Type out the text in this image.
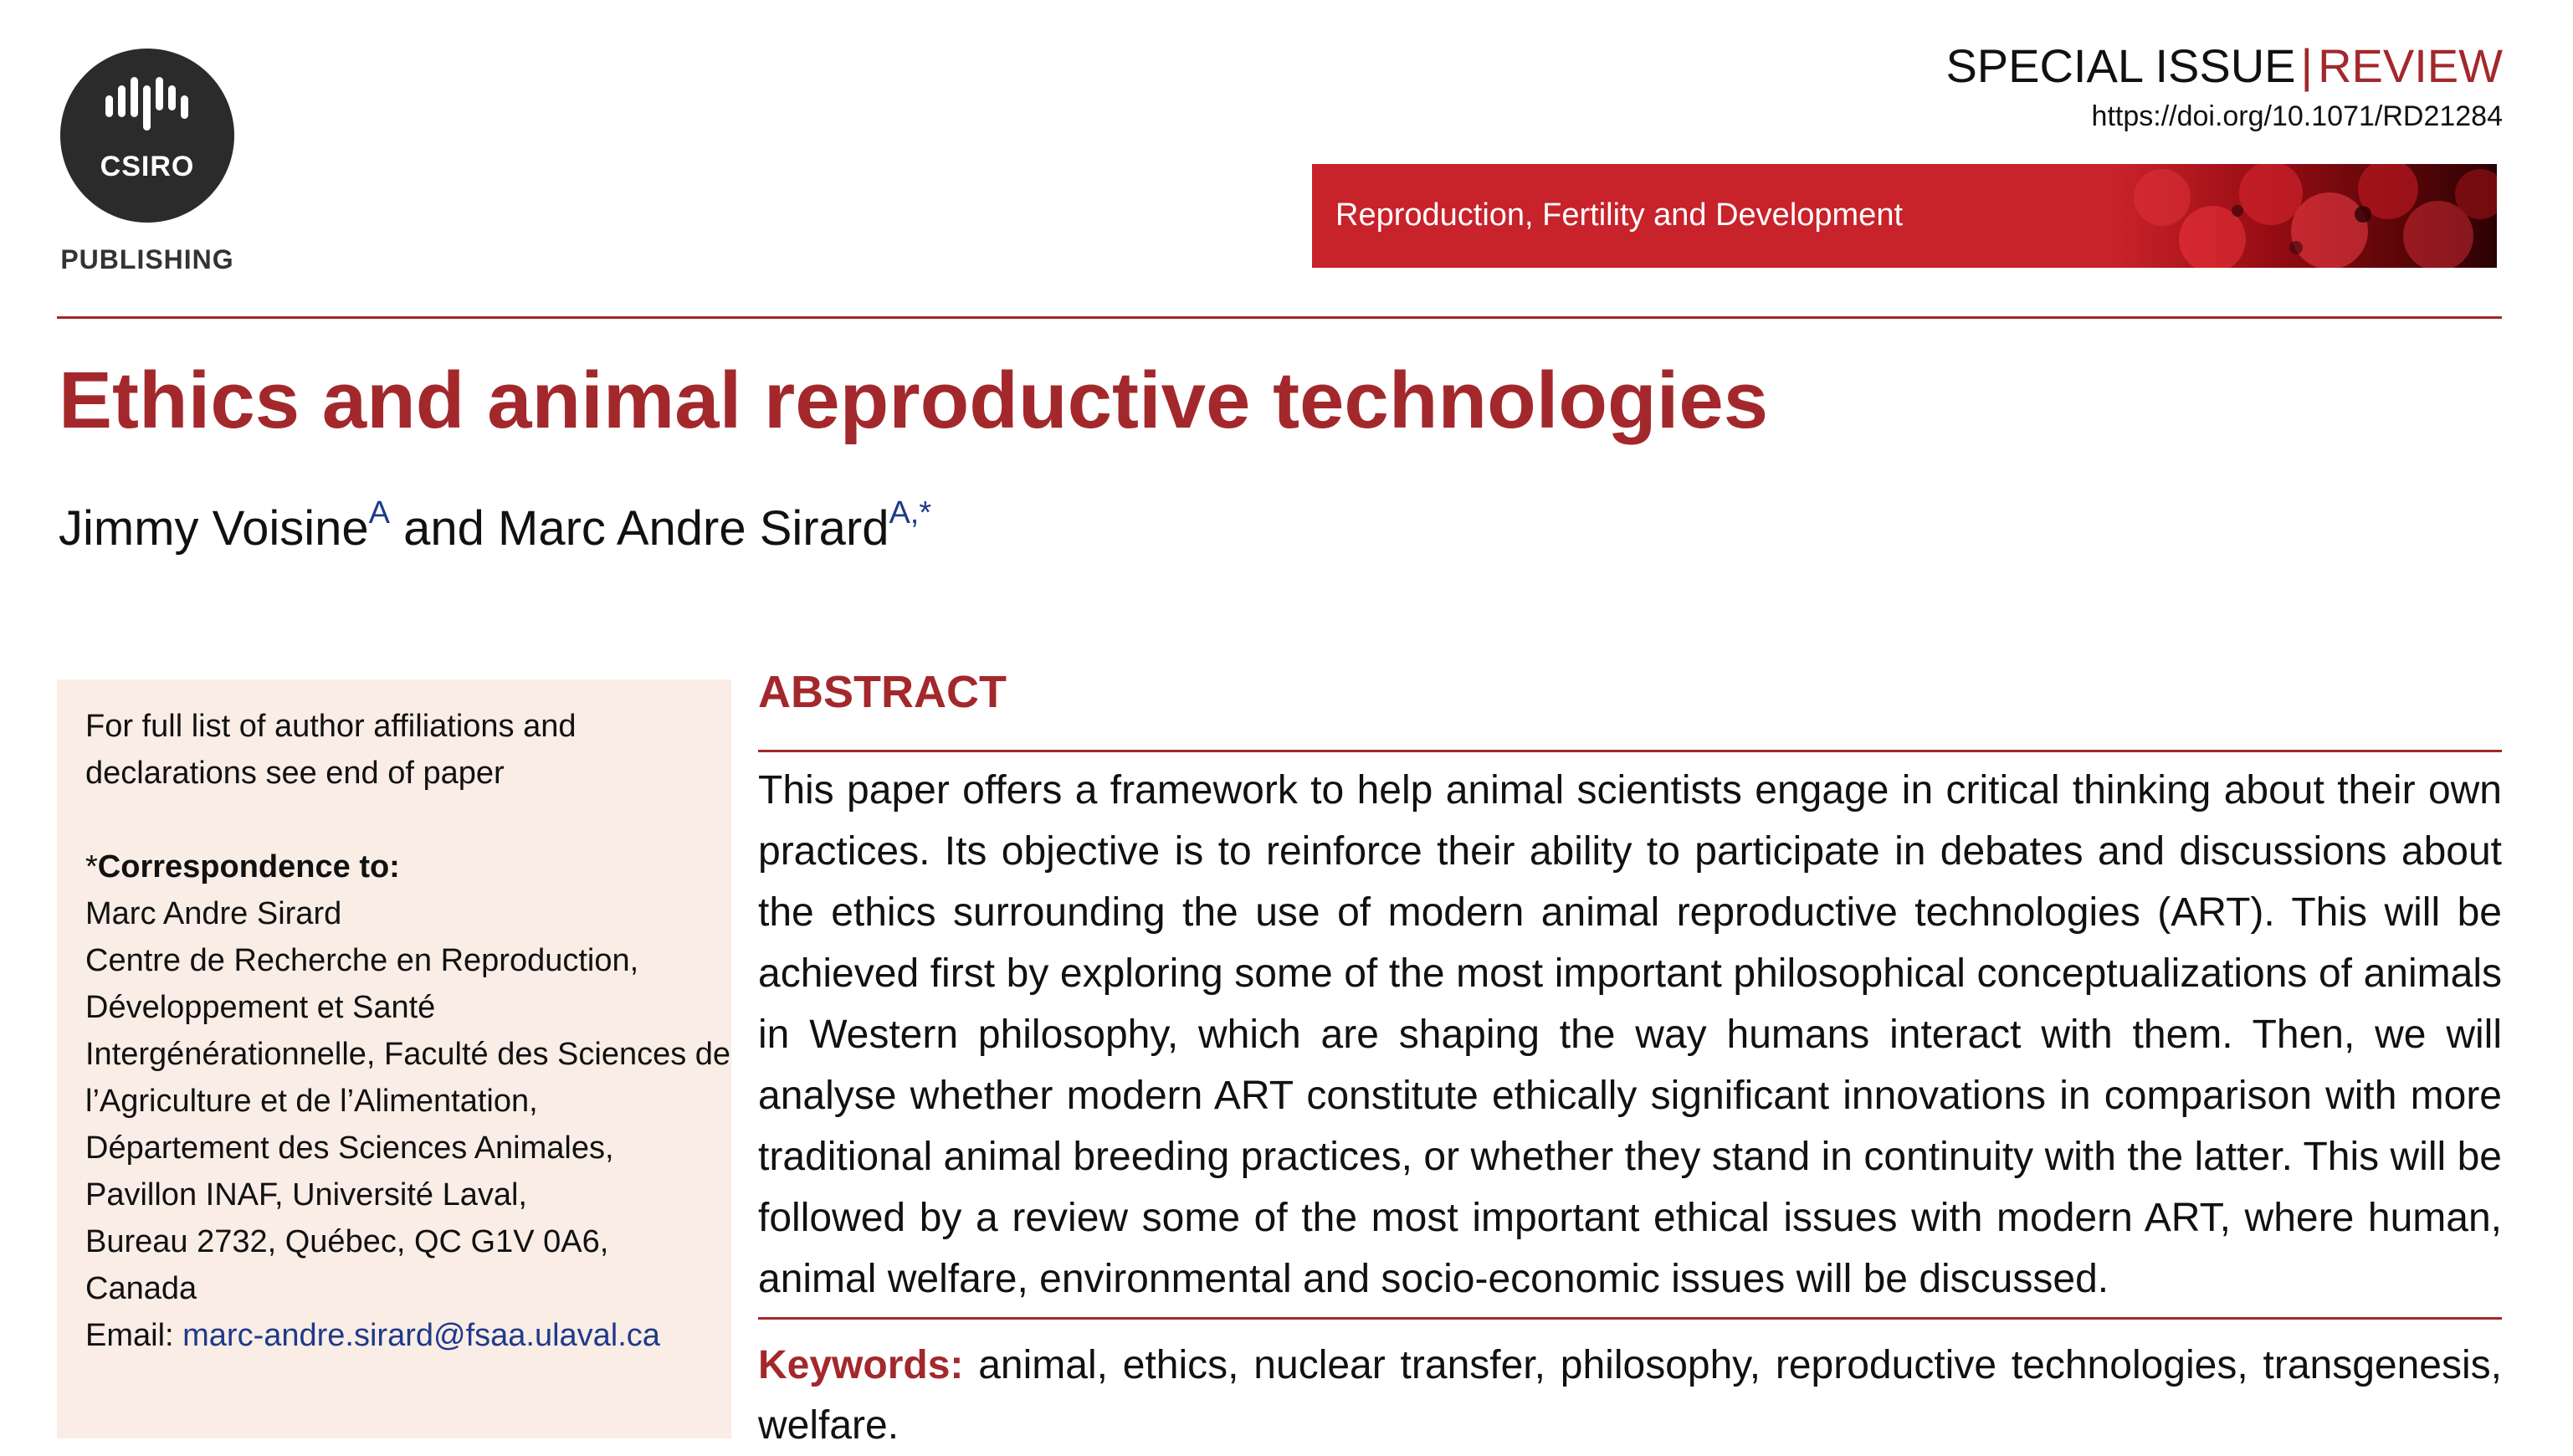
CSIRO
PUBLISHING
SPECIAL ISSUE | REVIEW
https://doi.org/10.1071/RD21284
Reproduction, Fertility and Development
Ethics and animal reproductive technologies
Jimmy Voisine$^A$ and Marc Andre Sirard$^{A,*}$
For full list of author affiliations and
declarations see end of paper
*Correspondence to:
Marc Andre Sirard
Centre de Recherche en Reproduction,
Développement et Santé
Intergénérationnelle, Faculté des Sciences de
l’Agriculture et de l’Alimentation,
Département des Sciences Animales,
Pavillon INAF, Université Laval,
Bureau 2732, Québec, QC G1V 0A6,
Canada
Email: marc-andre.sirard@fsaa.ulaval.ca
ABSTRACT
This paper offers a framework to help animal scientists engage in critical thinking about their own practices. Its objective is to reinforce their ability to participate in debates and discussions about the ethics surrounding the use of modern animal reproductive technologies (ART). This will be achieved first by exploring some of the most important philosophical conceptualizations of animals in Western philosophy, which are shaping the way humans interact with them. Then, we will analyse whether modern ART constitute ethically significant innovations in comparison with more traditional animal breeding practices, or whether they stand in continuity with the latter. This will be followed by a review some of the most important ethical issues with modern ART, where human, animal welfare, environmental and socio-economic issues will be discussed.
Keywords: animal, ethics, nuclear transfer, philosophy, reproductive technologies, transgenesis, welfare.
